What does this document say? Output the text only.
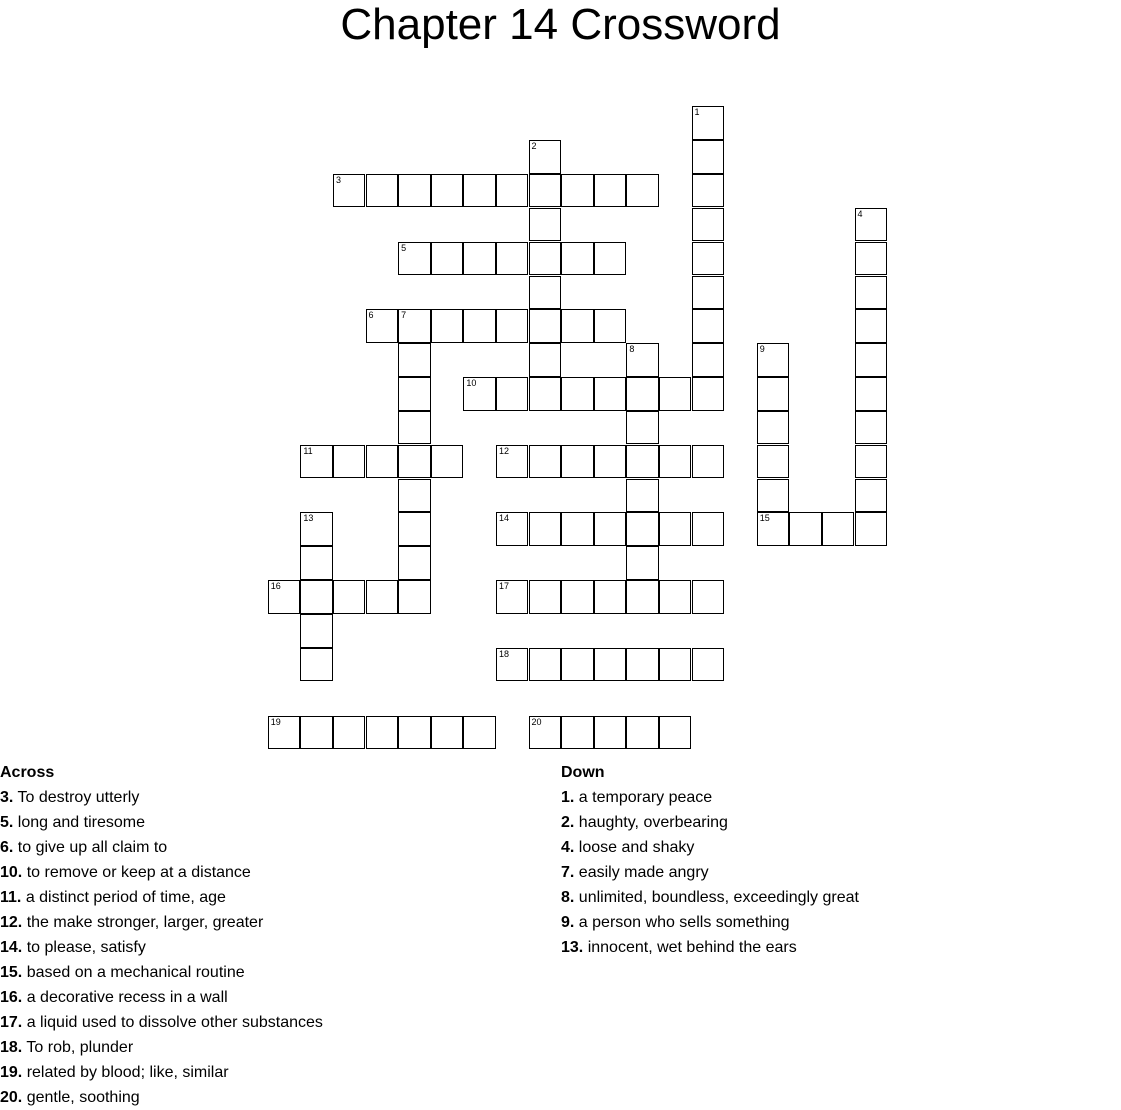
Chapter 14 Crossword
1
2
3
4
5
6	7
8	9
15
10
11	12
13	14
16	17
18
19	20
Across
3. To destroy utterly
5. long and tiresome
6. to give up all claim to
10. to remove or keep at a distance
11. a distinct period of time, age
12. the make stronger, larger, greater
14. to please, satisfy
15. based on a mechanical routine
16. a decorative recess in a wall
17. a liquid used to dissolve other substances
18. To rob, plunder
19. related by blood; like, similar
20. gentle, soothing
Down
1. a temporary peace
2. haughty, overbearing
4. loose and shaky
7. easily made angry
8. unlimited, boundless, exceedingly great
9. a person who sells something
13. innocent, wet behind the ears
